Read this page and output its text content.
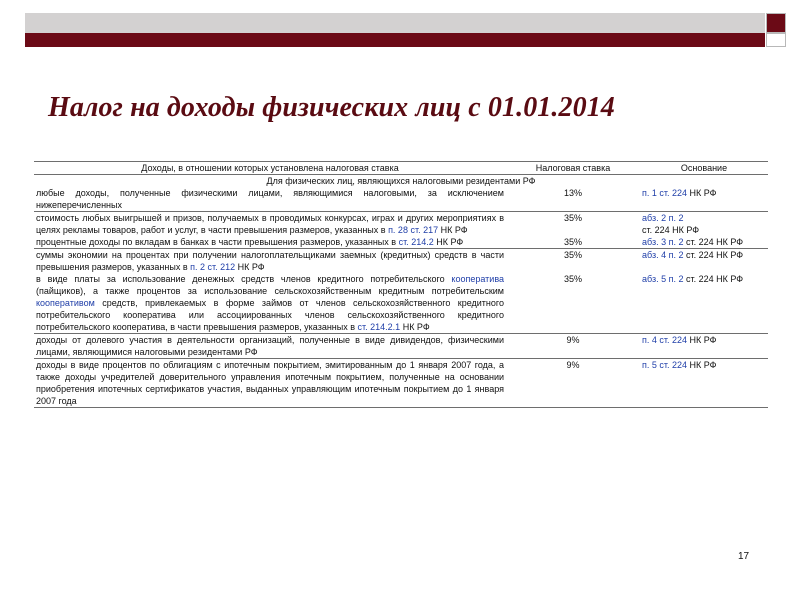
Налог на доходы физических лиц с 01.01.2014
Доходы, в отношении которых установлена налоговая ставка	Налоговая ставка	Основание
Для физических лиц, являющихся налоговыми резидентами РФ		
любые доходы, полученные физическими лицами, являющимися налоговыми, за исключением нижеперечисленных	13%	п. 1 ст. 224 НК РФ
стоимость любых выигрышей и призов, получаемых в проводимых конкурсах, играх и других мероприятиях в целях рекламы товаров, работ и услуг, в части превышения размеров, указанных в п. 28 ст. 217 НК РФ	35%	абз. 2 п. 2
ст. 224 НК РФ
процентные доходы по вкладам в банках в части превышения размеров, указанных в ст. 214.2 НК РФ	35%	абз. 3 п. 2 ст. 224 НК РФ
суммы экономии на процентах при получении налогоплательщиками заемных (кредитных) средств в части превышения размеров, указанных в п. 2 ст. 212 НК РФ	35%	абз. 4 п. 2 ст. 224 НК РФ
в виде платы за использование денежных средств членов кредитного потребительского кооператива (пайщиков), а также процентов за использование сельскохозяйственным кредитным потребительским кооперативом средств, привлекаемых в форме займов от членов сельскохозяйственного кредитного потребительского кооператива или ассоциированных членов сельскохозяйственного кредитного потребительского кооператива, в части превышения размеров, указанных в ст. 214.2.1 НК РФ	35%	абз. 5 п. 2 ст. 224 НК РФ
доходы от долевого участия в деятельности организаций, полученные в виде дивидендов, физическими лицами, являющимися налоговыми резидентами РФ	9%	п. 4 ст. 224 НК РФ
доходы в виде процентов по облигациям с ипотечным покрытием, эмитированным до 1 января 2007 года, а также доходы учредителей доверительного управления ипотечным покрытием, полученные на основании приобретения ипотечных сертификатов участия, выданных управляющим ипотечным покрытием до 1 января 2007 года	9%	п. 5 ст. 224 НК РФ
17
